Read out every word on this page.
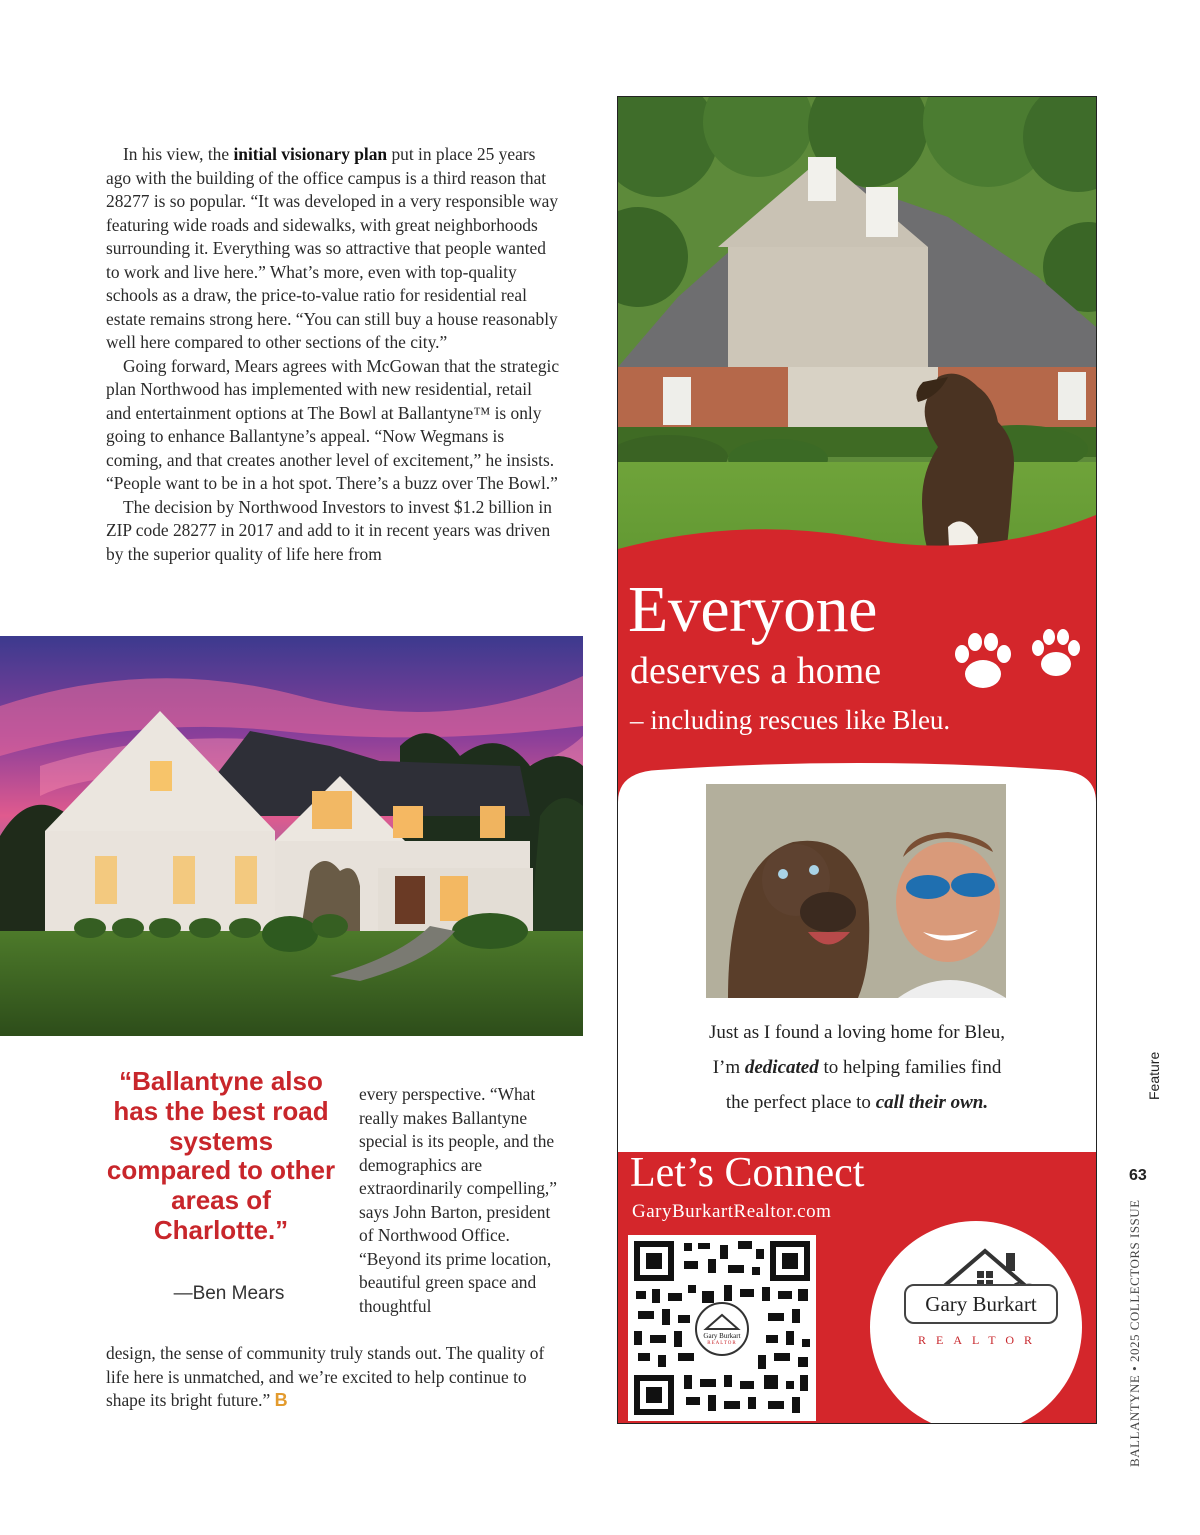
In his view, the initial visionary plan put in place 25 years ago with the building of the office campus is a third reason that 28277 is so popular. “It was developed in a very responsible way featuring wide roads and sidewalks, with great neighborhoods surrounding it. Everything was so attractive that people wanted to work and live here.” What’s more, even with top-quality schools as a draw, the price-to-value ratio for residential real estate remains strong here. “You can still buy a house reasonably well here compared to other sections of the city.”

Going forward, Mears agrees with McGowan that the strategic plan Northwood has implemented with new residential, retail and entertainment options at The Bowl at Ballantyne™ is only going to enhance Ballantyne’s appeal. “Now Wegmans is coming, and that creates another level of excitement,” he insists. “People want to be in a hot spot. There’s a buzz over The Bowl.”

The decision by Northwood Investors to invest $1.2 billion in ZIP code 28277 in 2017 and add to it in recent years was driven by the superior quality of life here from

“Ballantyne also has the best road systems compared to other areas of Charlotte.”
—Ben Mears
every perspective. “What really makes Ballantyne special is its people, and the demographics are extraordinarily compelling,” says John Barton, president of Northwood Office. “Beyond its prime location, beautiful green space and thoughtful
design, the sense of community truly stands out. The quality of life here is unmatched, and we’re excited to help continue to shape its bright future.” B
Everyone
deserves a home
– including rescues like Bleu.
Just as I found a loving home for Bleu,
I’m dedicated to helping families find
the perfect place to call their own.
Let’s Connect
GaryBurkartRealtor.com
Gary Burkart
REALTOR
Gary Burkart
REALTOR
Feature
63
BALLANTYNE • 2025 COLLECTORS ISSUE
